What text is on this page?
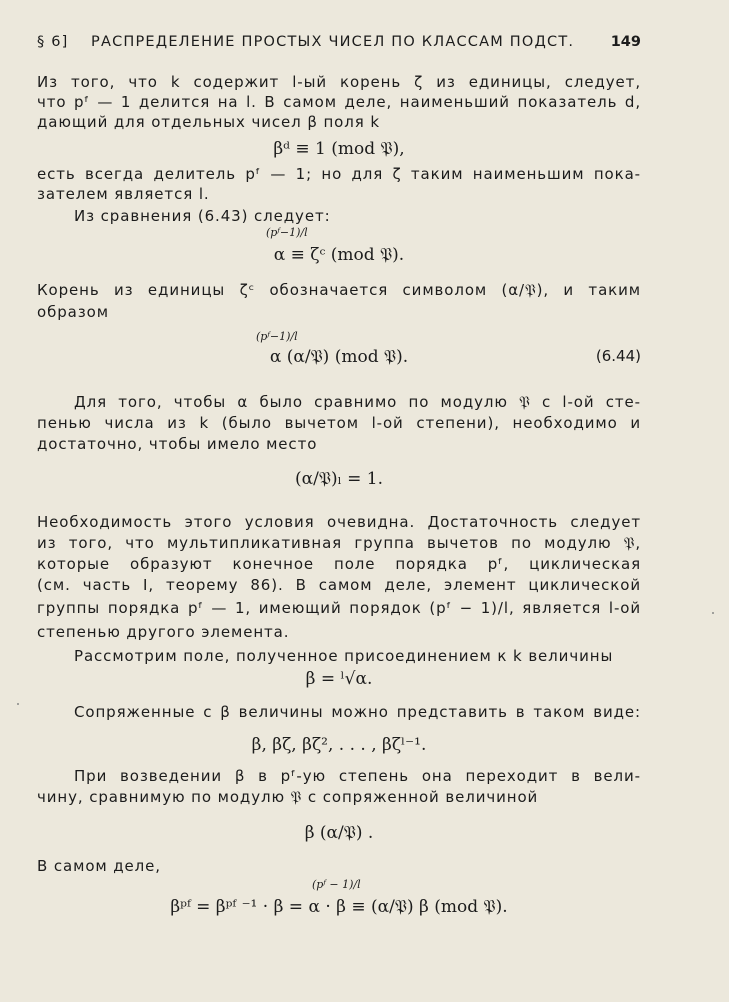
§ 6] РАСПРЕДЕЛЕНИЕ ПРОСТЫХ ЧИСЕЛ ПО КЛАССАМ ПОДСТ.	149
Из того, что k содержит l-ый корень ζ из единицы, следует,
что pᶠ — 1 делится на l. В самом деле, наименьший показатель d,
дающий для отдельных чисел β поля k
βᵈ ≡ 1 (mod 𝔓),
есть всегда делитель pᶠ — 1; но для ζ таким наименьшим пока-
зателем является l.
Из сравнения (6.43) следует:
(pᶠ−1)/l
α ≡ ζᶜ (mod 𝔓).
Корень из единицы ζᶜ обозначается символом (α/𝔓), и таким
образом
(pᶠ−1)/l
α (α/𝔓) (mod 𝔓).	(6.44)
Для того, чтобы α было сравнимо по модулю 𝔓 с l-ой сте-
пенью числа из k (было вычетом l-ой степени), необходимо и
достаточно, чтобы имело место
(α/𝔓)ₗ = 1.
Необходимость этого условия очевидна. Достаточность следует
из того, что мультипликативная группа вычетов по модулю 𝔓,
которые образуют конечное поле порядка pᶠ, циклическая
(см. часть I, теорему 86). В самом деле, элемент циклической
группы порядка pᶠ — 1, имеющий порядок (pᶠ − 1)/l, является l-ой
степенью другого элемента.
Рассмотрим поле, полученное присоединением к k величины
β = ˡ√α.
Сопряженные с β величины можно представить в таком виде:
β, βζ, βζ², . . . , βζˡ⁻¹.
При возведении β в pᶠ-ую степень она переходит в вели-
чину, сравнимую по модулю 𝔓 с сопряженной величиной
β (α/𝔓) .
В самом деле,
(pᶠ − 1)/l
βᵖᶠ = βᵖᶠ ⁻¹ · β = α · β ≡ (α/𝔓) β (mod 𝔓).
